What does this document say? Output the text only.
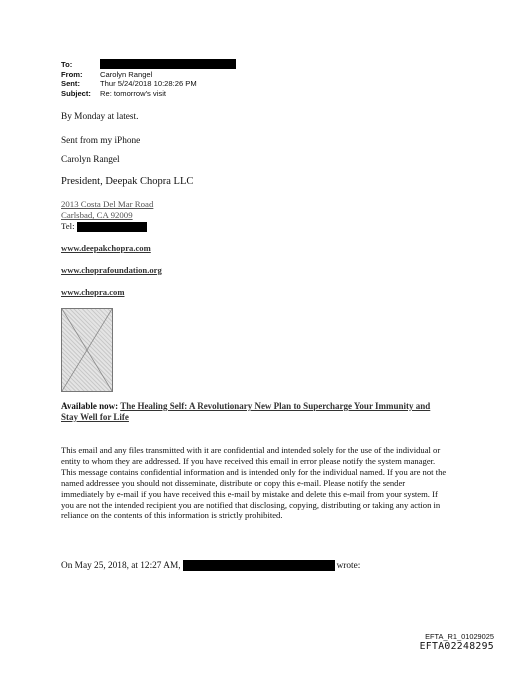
To:
From:	Carolyn Rangel
Sent:	Thur 5/24/2018 10:28:26 PM
Subject:	Re: tomorrow's visit
By Monday at latest.
Sent from my iPhone
Carolyn Rangel
President, Deepak Chopra LLC
2013 Costa Del Mar Road
Carlsbad, CA 92009
Tel:
www.deepakchopra.com
www.choprafoundation.org
www.chopra.com
Available now: The Healing Self: A Revolutionary New Plan to Supercharge Your Immunity and Stay Well for Life
This email and any files transmitted with it are confidential and intended solely for the use of the individual or entity to whom they are addressed. If you have received this email in error please notify the system manager. This message contains confidential information and is intended only for the individual named. If you are not the named addressee you should not disseminate, distribute or copy this e-mail. Please notify the sender immediately by e-mail if you have received this e-mail by mistake and delete this e-mail from your system. If you are not the intended recipient you are notified that disclosing, copying, distributing or taking any action in reliance on the contents of this information is strictly prohibited.
On May 25, 2018, at 12:27 AM,	wrote:
EFTA_R1_01029025
EFTA02248295
